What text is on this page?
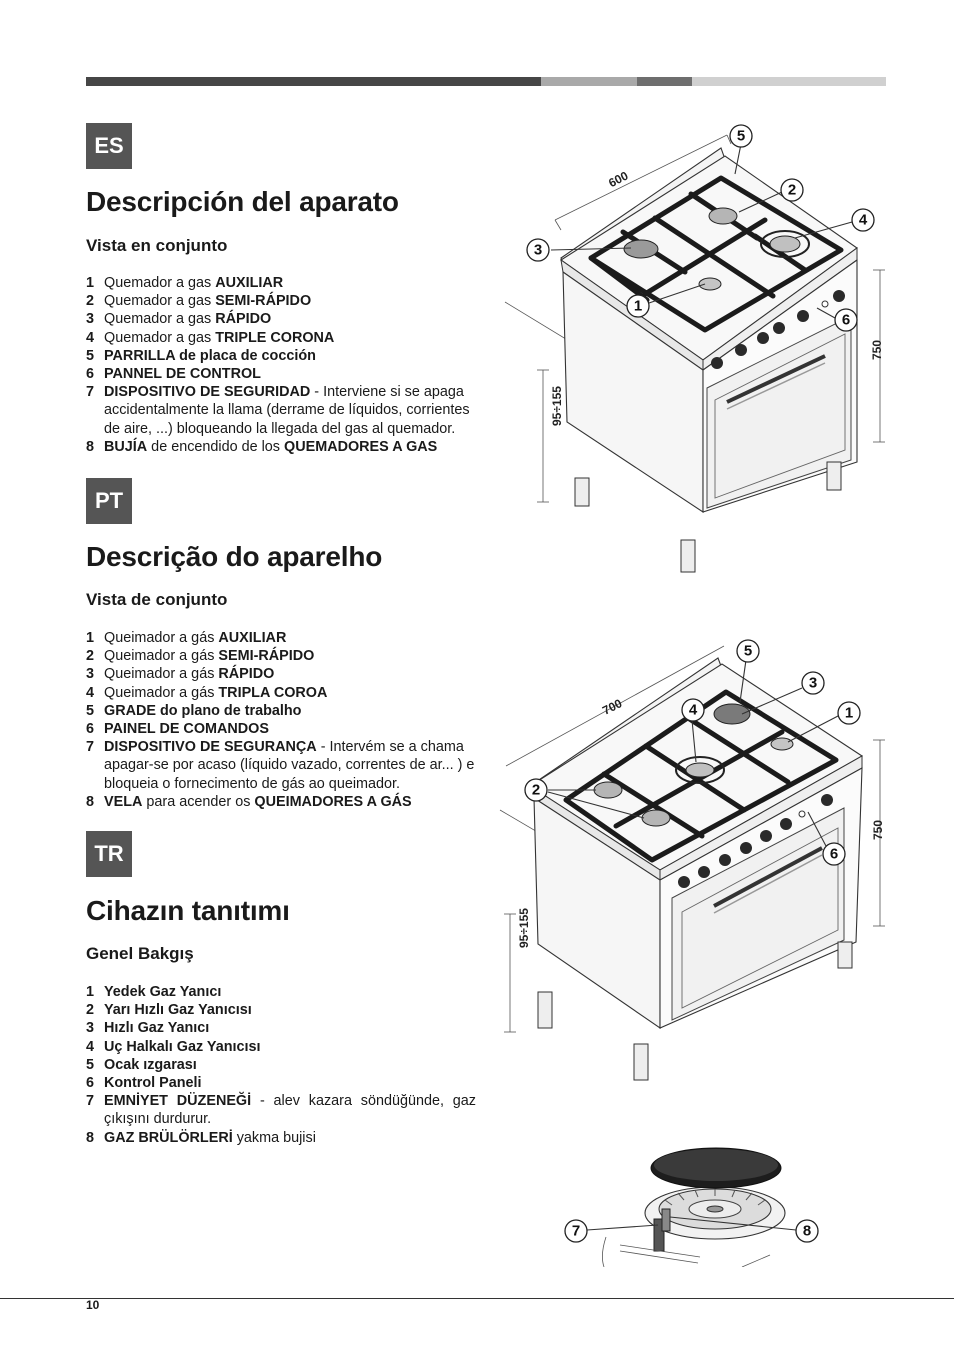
ES
Descripción del aparato
Vista en conjunto
1 Quemador a gas AUXILIAR
2 Quemador a gas SEMI-RÁPIDO
3 Quemador a gas RÁPIDO
4 Quemador a gas TRIPLE CORONA
5 PARRILLA de placa de cocción
6 PANNEL DE CONTROL
7 DISPOSITIVO DE SEGURIDAD - Interviene si se apaga accidentalmente la llama (derrame de líquidos, corrientes de aire, ...) bloqueando la llegada del gas al quemador.
8 BUJÍA de encendido de los QUEMADORES A GAS
PT
Descrição do aparelho
Vista de conjunto
1 Queimador a gás AUXILIAR
2 Queimador a gás SEMI-RÁPIDO
3 Queimador a gás RÁPIDO
4 Queimador a gás TRIPLA COROA
5 GRADE do plano de trabalho
6 PAINEL DE COMANDOS
7 DISPOSITIVO DE SEGURANÇA - Intervém se a chama apagar-se por acaso (líquido vazado, correntes de ar... ) e bloqueia o fornecimento de gás ao queimador.
8 VELA para acender os QUEIMADORES A GÁS
TR
Cihazın tanıtımı
Genel Bakgış
1 Yedek Gaz Yanıcı
2 Yarı Hızlı Gaz Yanıcısı
3 Hızlı Gaz Yanıcı
4 Uç Halkalı Gaz Yanıcısı
5 Ocak ızgarası
6 Kontrol Paneli
7 EMNİYET DÜZENEĞİ - alev kazara söndüğünde, gaz çıkışını durdurur.
8 GAZ BRÜLÖRLERİ yakma bujisi
600
750
95÷155
5
2
4
3
1
6
700
750
95÷155
5
3
4	1
2
6
7	8
10
